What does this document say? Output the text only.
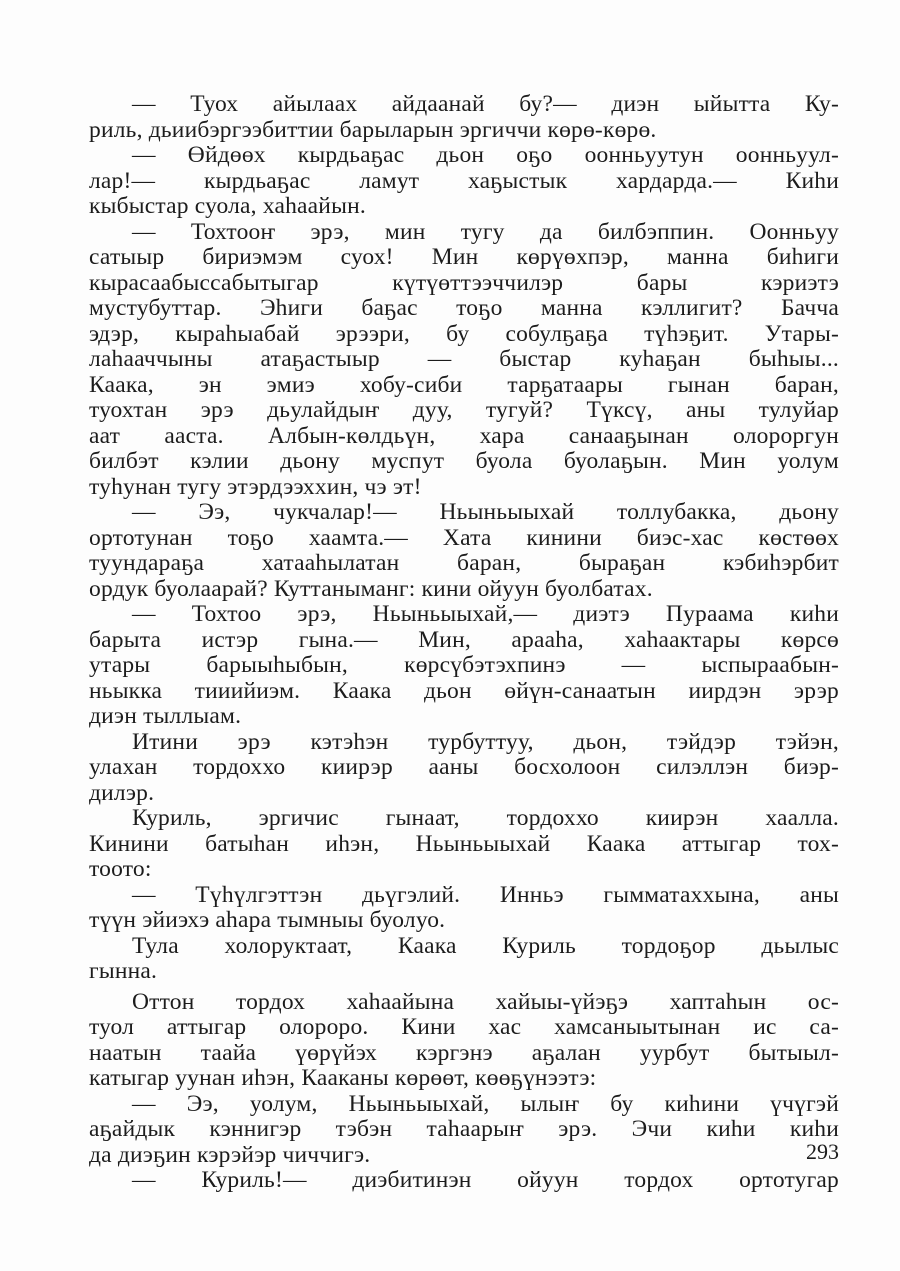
— Туох айылаах айдаанай бу?— диэн ыйытта Ку-
риль, дьиибэргээбиттии барыларын эргиччи көрө-көрө.
— Өйдөөх кырдьаҕас дьон оҕо оонньуутун оонньуул-
лар!— кырдьаҕас ламут хаҕыстык хардарда.— Киһи
кыбыстар суола, хаһаайын.
— Тохтооҥ эрэ, мин тугу да билбэппин. Оонньуу
сатыыр бириэмэм суох! Мин көрүөхпэр, манна биһиги
кырасаабыссабытыгар күтүөттээччилэр бары кэриэтэ
мустубуттар. Эһиги баҕас тоҕо манна кэллигит? Бачча
эдэр, кыраһыабай эрээри, бу собулҕаҕа түһэҕит. Утары-
лаһааччыны атаҕастыыр — быстар куһаҕан быһыы...
Каака, эн эмиэ хобу-сиби тарҕатаары гынан баран,
туохтан эрэ дьулайдыҥ дуу, тугуй? Түксү, аны тулуйар
аат ааста. Албын-көлдьүн, хара санааҕынан олороргун
билбэт кэлии дьону муспут буола буолаҕын. Мин уолум
туһунан тугу этэрдээххин, чэ эт!
— Ээ, чукчалар!— Ньыньыыхай толлубакка, дьону
ортотунан тоҕо хаамта.— Хата кинини биэс-хас көстөөх
туундараҕа хатааһылатан баран, быраҕан кэбиһэрбит
ордук буолаарай? Куттаныманг: кини ойуун буолбатах.
— Тохтоо эрэ, Ньыньыыхай,— диэтэ Пураама киһи
барыта истэр гына.— Мин, арааһа, хаһаактары көрсө
утары барыыһыбын, көрсүбэтэхпинэ — ыспыраабын-
ньыкка тииийиэм. Каака дьон өйүн-санаатын иирдэн эрэр
диэн тыллыам.
Итини эрэ кэтэһэн турбуттуу, дьон, тэйдэр тэйэн,
улахан тордоххо киирэр ааны босхолоон силэллэн биэр-
дилэр.
Куриль, эргичис гынаат, тордоххо киирэн хаалла.
Кинини батыһан иһэн, Ньыньыыхай Каака аттыгар тох-
тоото:
— Түһүлгэттэн дьүгэлий. Инньэ гымматаххына, аны
түүн эйиэхэ аһара тымныы буолуо.
Тула холоруктаат, Каака Куриль тордоҕор дьылыс
гынна.
Оттон тордох хаһаайына хайыы-үйэҕэ хаптаһын ос-
туол аттыгар олороро. Кини хас хамсаныытынан ис са-
наатын таайа үөрүйэх кэргэнэ аҕалан уурбут бытыыл-
катыгар уунан иһэн, Кааканы көрөөт, көөҕүнээтэ:
— Ээ, уолум, Ньыньыыхай, ылыҥ бу киһини үчүгэй
аҕайдык кэннигэр тэбэн таһаарыҥ эрэ. Эчи киһи киһи
да диэҕин кэрэйэр чиччигэ.
— Куриль!— диэбитинэн ойуун тордох ортотугар
293
